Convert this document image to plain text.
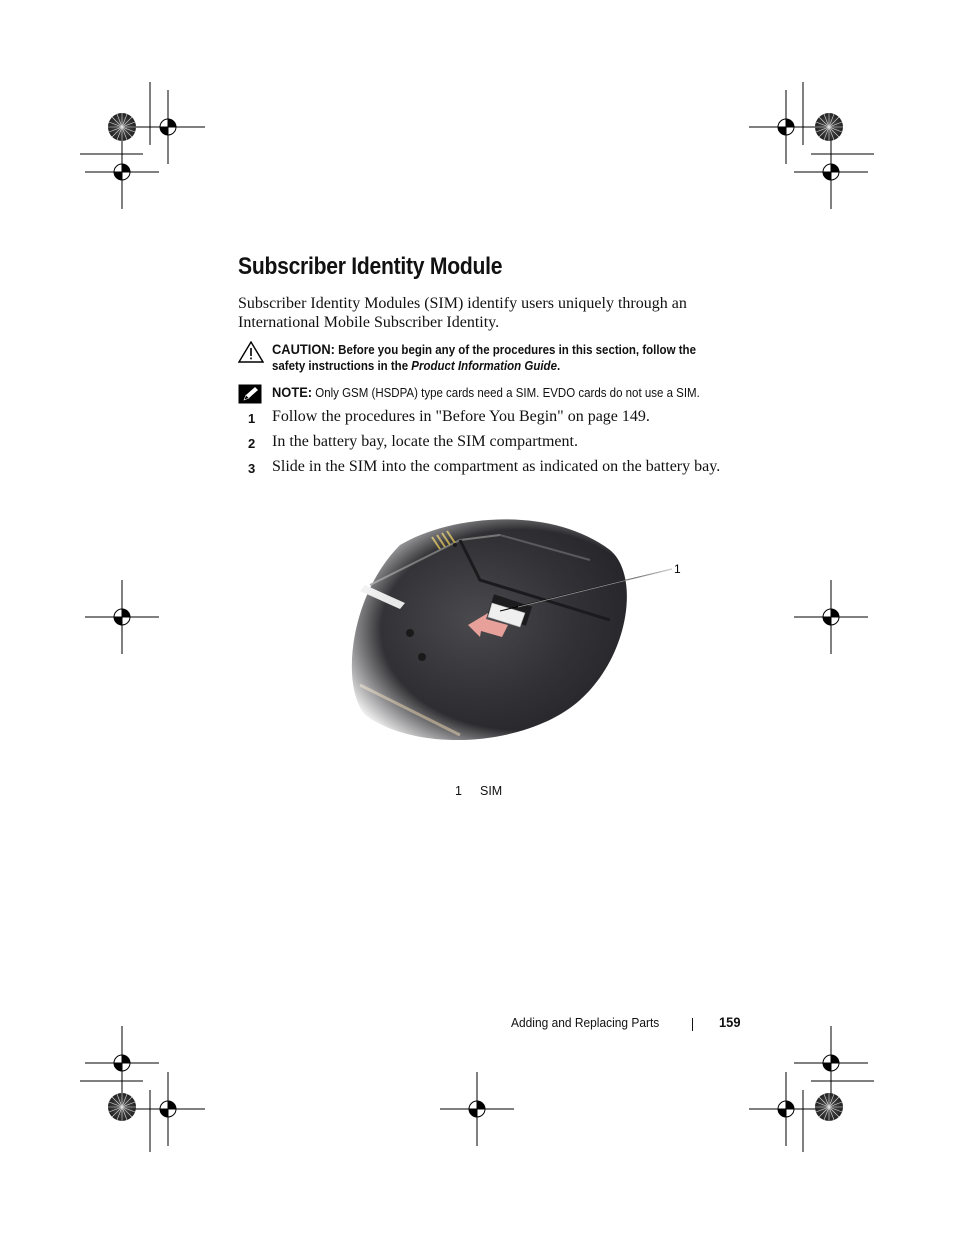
Subscriber Identity Module
Subscriber Identity Modules (SIM) identify users uniquely through an
International Mobile Subscriber Identity.
CAUTION: Before you begin any of the procedures in this section, follow the
safety instructions in the Product Information Guide.
NOTE: Only GSM (HSDPA) type cards need a SIM. EVDO cards do not use a SIM.
1 Follow the procedures in "Before You Begin" on page 149.
2 In the battery bay, locate the SIM compartment.
3 Slide in the SIM into the compartment as indicated on the battery bay.
1
1 SIM
Adding and Replacing Parts	159
